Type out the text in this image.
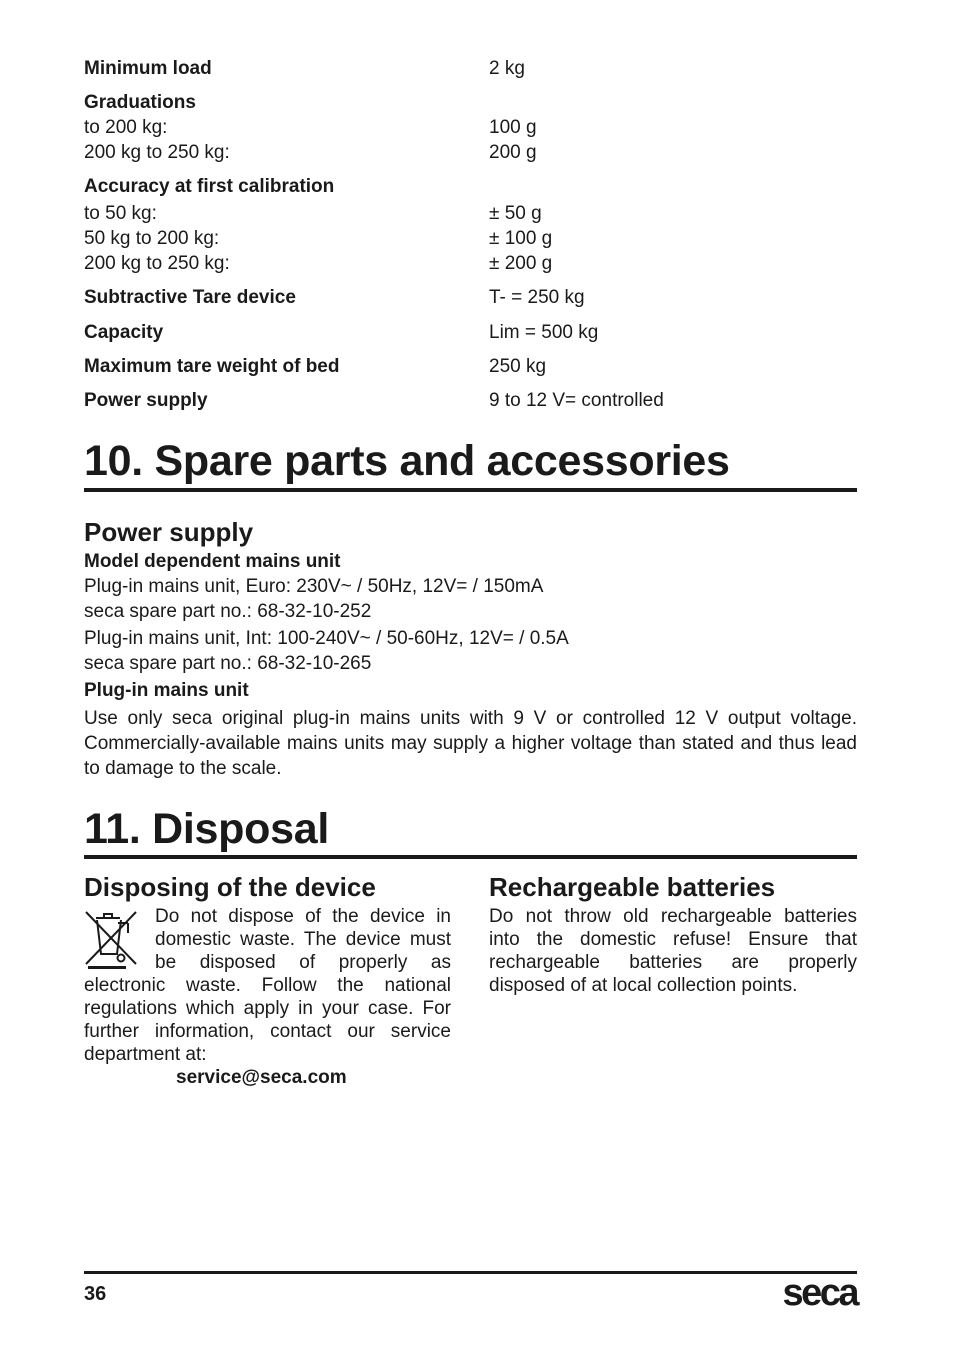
Minimum load	2 kg
Graduations
to 200 kg:	100 g
200 kg to 250 kg:	200 g
Accuracy at first calibration
to 50 kg:	± 50 g
50 kg to 200 kg:	± 100 g
200 kg to 250 kg:	± 200 g
Subtractive Tare device	T- = 250 kg
Capacity	Lim = 500 kg
Maximum tare weight of bed	250 kg
Power supply	9 to 12 V= controlled
10. Spare parts and accessories
Power supply
Model dependent mains unit
Plug-in mains unit, Euro: 230V~ / 50Hz, 12V= / 150mA
seca spare part no.: 68-32-10-252
Plug-in mains unit, Int: 100-240V~ / 50-60Hz, 12V= / 0.5A
seca spare part no.: 68-32-10-265
Plug-in mains unit

Use only seca original plug-in mains units with 9 V or controlled 12 V output voltage. Commercially-available mains units may supply a higher voltage than stated and thus lead to damage to the scale.

11. Disposal
Disposing of the device

Do not dispose of the device in domestic waste. The device must be disposed of properly as electronic waste. Follow the national regulations which apply in your case. For further information, contact our service department at:

service@seca.com
Rechargeable batteries

Do not throw old rechargeable batteries into the domestic refuse! Ensure that rechargeable batteries are properly disposed of at local collection points.

36	seca
